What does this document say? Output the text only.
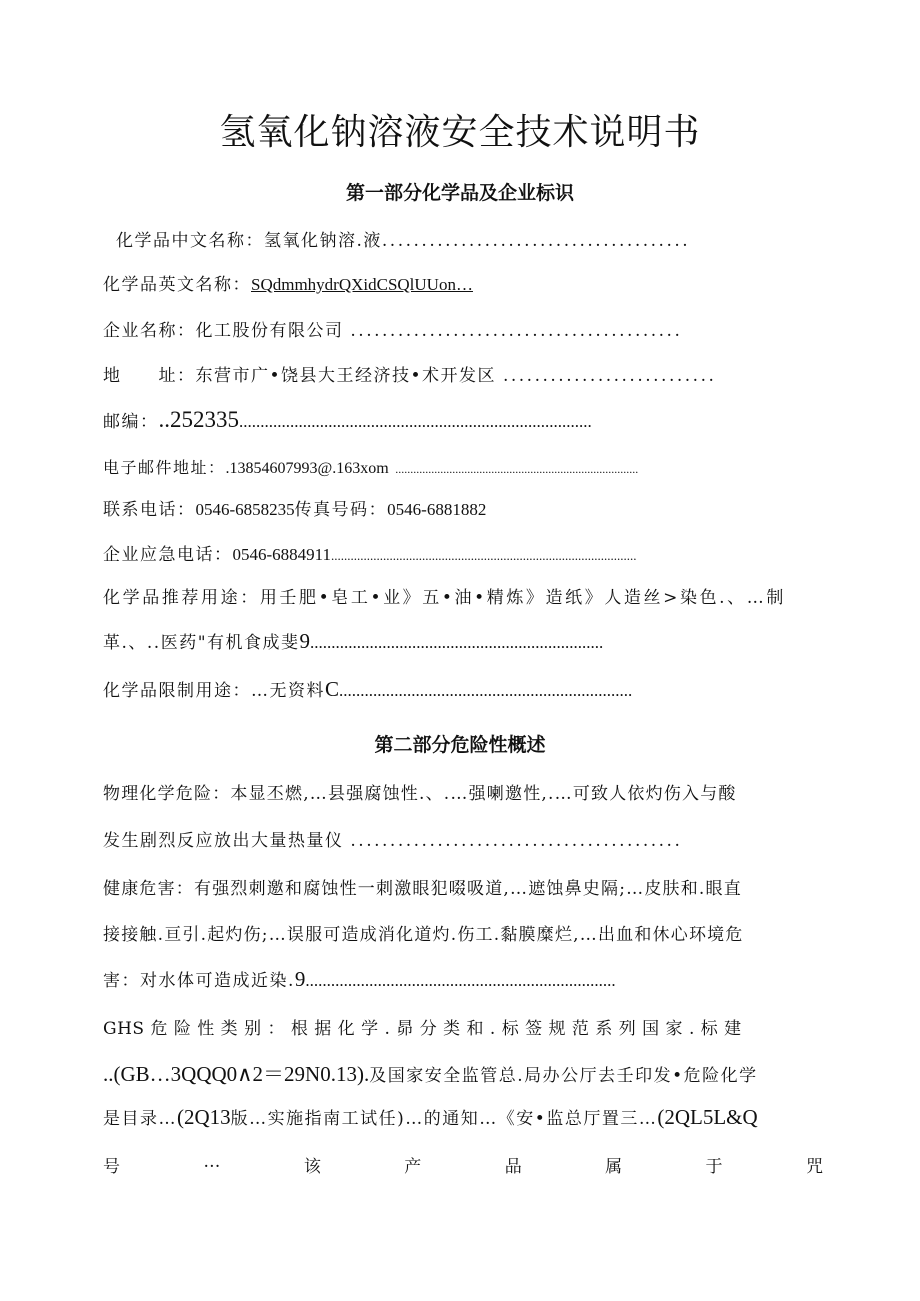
氢氧化钠溶液安全技术说明书
第一部分化学品及企业标识
化学品中文名称：氢氧化钠溶.液.......................................
化学品英文名称：SQdmmhydrQXidCSQlUUon…
企业名称：化工股份有限公司 ..........................................
地　　址：东营市广•饶县大王经济技•术开发区 ...........................
邮编：..252335...................................................................................
电子邮件地址：.13854607993@.163xom .................................................................................
联系电话：0546-6858235传真号码：0546-6881882
企业应急电话：0546-6884911..............................................................................................
化学品推荐用途：用壬肥•皂工•业》五•油•精炼》造纸》人造丝>染色.、…制
革.、..医药"有机食成斐9.....................................................................
化学品限制用途：…无资料C.....................................................................
第二部分危险性概述
物理化学危险：本显丕燃,…县强腐蚀性.、.…强喇邀性,.…可致人依灼伤入与酸
发生剧烈反应放出大量热量仪 ..........................................
健康危害：有强烈刺邀和腐蚀性一刺激眼犯啜吸道,…遮蚀鼻史隔;…皮肤和.眼直
接接触.亘引.起灼伤;…误服可造成消化道灼.伤工.黏膜糜烂,…出血和休心环境危
害：对水体可造成近染.9.........................................................................
GHS 危 险 性 类 别 ： 根 据 化 学 . 昴 分 类 和 . 标 签 规 范 系 列 国 家 . 标 建
..(GB…3QQQ0∧2＝29N0.13).及国家安全监管总.局办公厅去壬印发•危险化学
是目录…(2Q13版…实施指南工试任)…的通知…《安•监总厅置三…(2QL5L&Q
号	…	该	产	品	属	于	咒
